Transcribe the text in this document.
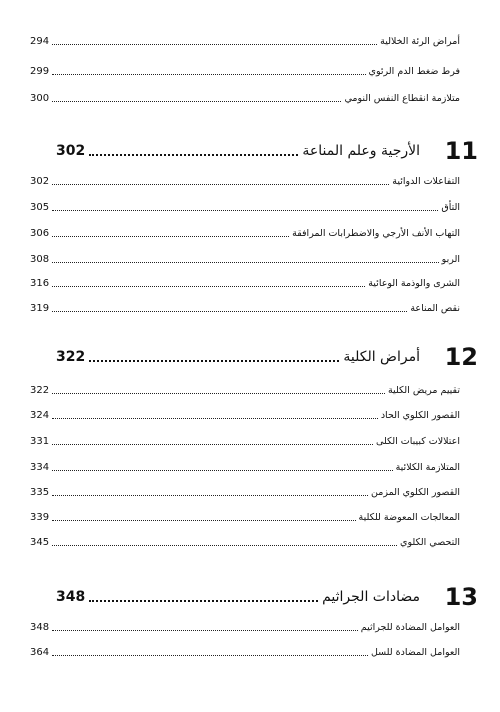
أمراض الرئة الخلالية
294
فرط ضغط الدم الرئوي
299
متلازمة انقطاع النفس النومي
300
11
الأرجية وعلم المناعة
302
التفاعلات الدوائية
302
التأق
305
التهاب الأنف الأرجي والاضطرابات المرافقة
306
الربو
308
الشرى والوذمة الوعائية
316
نقص المناعة
319
12
أمراض الكلية
322
تقييم مريض الكلية
322
القصور الكلوي الحاد
324
اعتلالات كبيبات الكلى
331
المتلازمة الكلائية
334
القصور الكلوي المزمن
335
المعالجات المعوضة للكلية
339
التحصي الكلوي
345
13
مضادات الجراثيم
348
العوامل المضادة للجراثيم
348
العوامل المضادة للسل
364
